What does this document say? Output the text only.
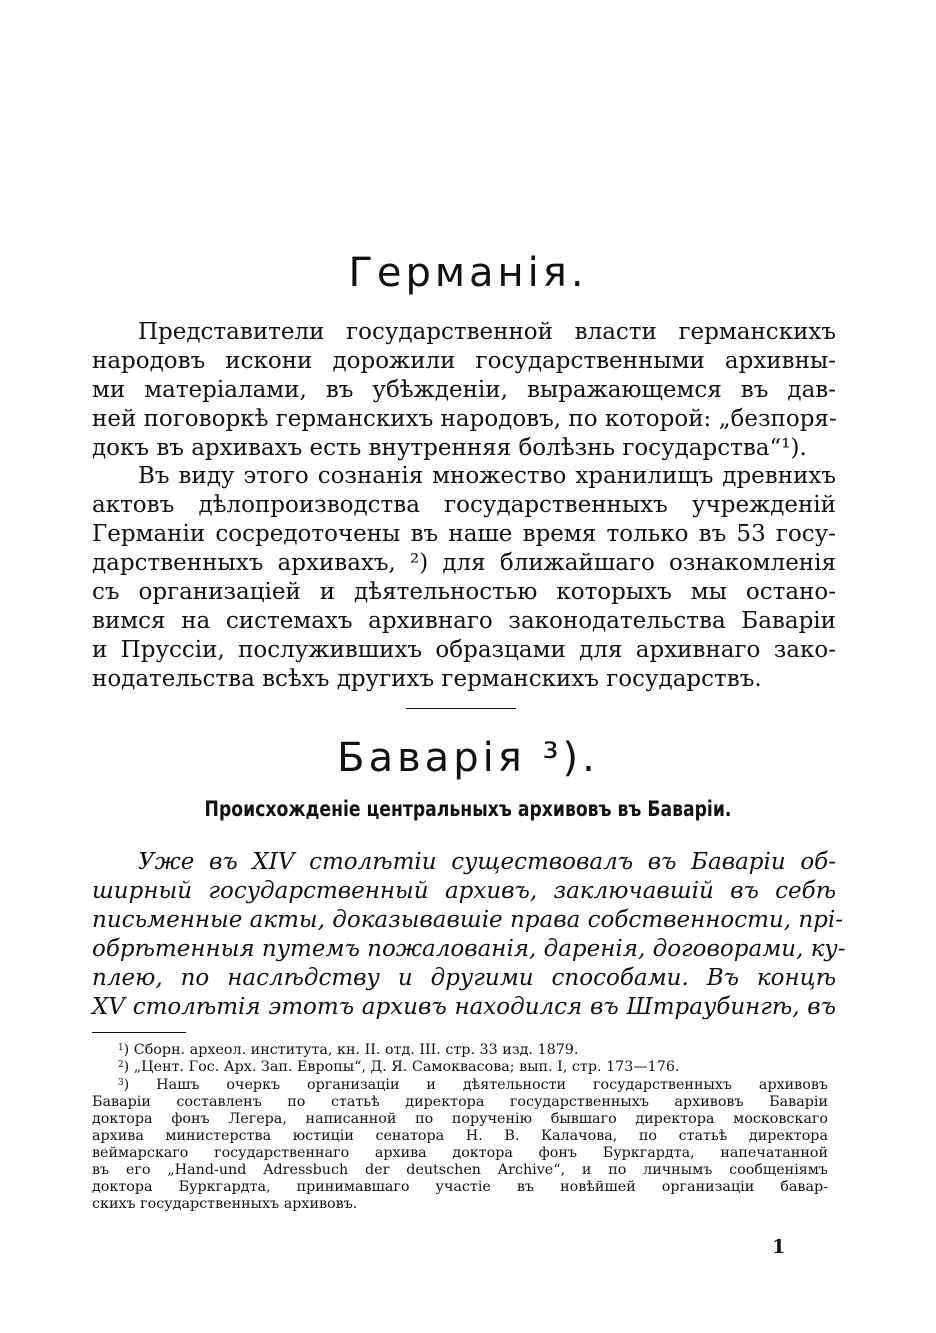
Германія.
Представители государственной власти германскихъ
народовъ искони дорожили государственными архивны-
ми матеріалами, въ убѣжденіи, выражающемся въ дав-
ней поговоркѣ германскихъ народовъ, по которой: „безпоря-
докъ въ архивахъ есть внутренняя болѣзнь государства“¹).
Въ виду этого сознанія множество хранилищъ древнихъ
актовъ дѣлопроизводства государственныхъ учрежденій
Германіи сосредоточены въ наше время только въ 53 госу-
дарственныхъ архивахъ, ²) для ближайшаго ознакомленія
съ организаціей и дѣятельностью которыхъ мы остано-
вимся на системахъ архивнаго законодательства Баваріи
и Пруссіи, послужившихъ образцами для архивнаго зако-
нодательства всѣхъ другихъ германскихъ государствъ.
Баварія ³).
Происхожденіе центральныхъ архивовъ въ Баваріи.
Уже въ XIV столѣтіи существовалъ въ Баваріи об-
ширный государственный архивъ, заключавшій въ себѣ
письменные акты, доказывавшіе права собственности, прі-
обрѣтенныя путемъ пожалованія, даренія, договорами, ку-
плею, по наслѣдству и другими способами. Въ концѣ
XV столѣтія этотъ архивъ находился въ Штраубингѣ, въ
$^1$) Сборн. археол. института, кн. II. отд. III. стр. 33 изд. 1879.
$^2$) „Цент. Гос. Арх. Зап. Европы“, Д. Я. Самоквасова; вып. I, стр. 173—176.
$^3$) Нашъ очеркъ организаціи и дѣятельности государственныхъ архивовъ
Баваріи составленъ по статьѣ директора государственныхъ архивовъ Баваріи
доктора фонъ Легера, написанной по порученію бывшаго директора московскаго
архива министерства юстиціи сенатора Н. В. Калачова, по статьѣ директора
веймарскаго государственнаго архива доктора фонъ Буркгардта, напечатанной
въ его „Hand-und Adressbuch der deutschen Archive“, и по личнымъ сообщеніямъ
доктора Буркгардта, принимавшаго участіе въ новѣйшей организаціи бавар-
скихъ государственныхъ архивовъ.
1
